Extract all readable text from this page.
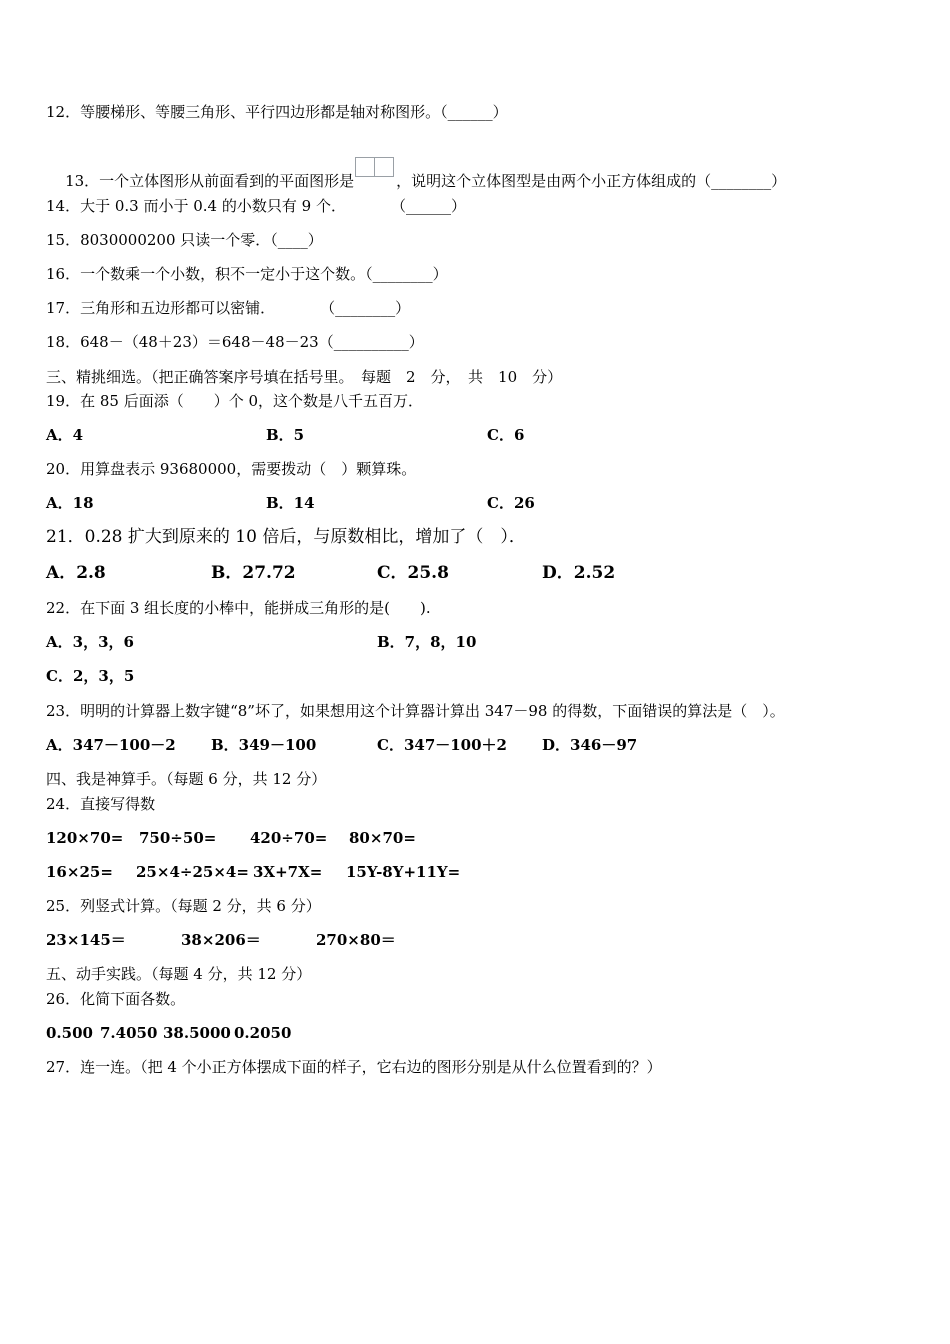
12．等腰梯形、等腰三角形、平行四边形都是轴对称图形。（______）

13．一个立体图形从前面看到的平面图形是	，说明这个立体图型是由两个小正方体组成的（________）

14．大于 0.3 而小于 0.4 的小数只有 9 个．　　　　（______）
15．8030000200 只读一个零．（____）
16．一个数乘一个小数，积不一定小于这个数。（________）
17．三角形和五边形都可以密铺．　　　　（________）
18．648－（48＋23）＝648－48－23（__________）
三、精挑细选。（把正确答案序号填在括号里。　每题　2　分，　共　10　分）
19．在 85 后面添（　　）个 0，这个数是八千五百万．
A．4	B．5	C．6
20．用算盘表示 93680000，需要拨动（　）颗算珠。
A．18	B．14	C．26
21．0.28 扩大到原来的 10 倍后，与原数相比，增加了（　）．
A．2.8	B．27.72	C．25.8	D．2.52
22．在下面 3 组长度的小棒中，能拼成三角形的是(　　).
A．3，3，6	B．7，8，10
C．2，3，5
23．明明的计算器上数字键“8”坏了，如果想用这个计算器计算出 347－98 的得数，下面错误的算法是（　）。
A．347－100－2 B．349－100	C．347－100＋2 D．346－97
四、我是神算手。（每题 6 分，共 12 分）
24．直接写得数
120×70= 750÷50= 420÷70= 80×70=
16×25= 25×4÷25×4= 3X+7X= 15Y-8Y+11Y=
25．列竖式计算。（每题 2 分，共 6 分）
23×145＝	38×206＝	270×80＝
五、动手实践。（每题 4 分，共 12 分）
26．化简下面各数。
0.500 7.4050 38.5000 0.2050
27．连一连。（把 4 个小正方体摆成下面的样子，它右边的图形分别是从什么位置看到的？）
